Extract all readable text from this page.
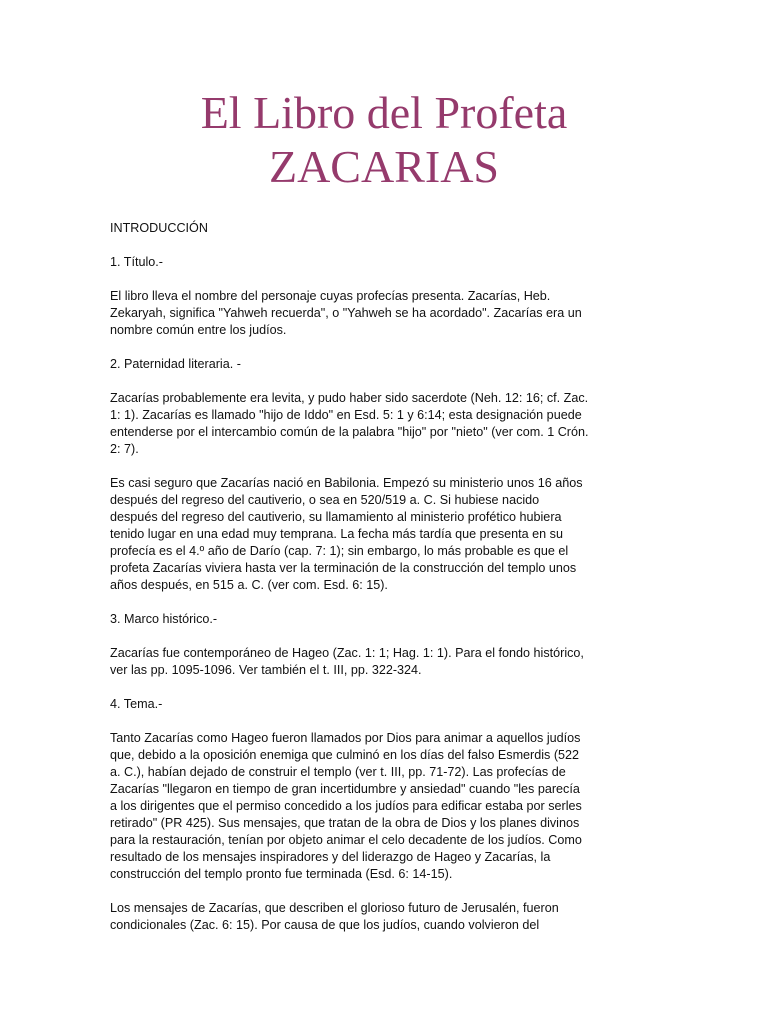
El Libro del Profeta
ZACARIAS

INTRODUCCIÓN

1. Título.-

El libro lleva el nombre del personaje cuyas profecías presenta. Zacarías, Heb. Zekaryah, significa "Yahweh recuerda", o "Yahweh se ha acordado". Zacarías era un nombre común entre los judíos.

2. Paternidad literaria. -

Zacarías probablemente era levita, y pudo haber sido sacerdote (Neh. 12: 16; cf. Zac. 1: 1). Zacarías es llamado "hijo de Iddo" en Esd. 5: 1 y 6:14; esta designación puede entenderse por el intercambio común de la palabra "hijo" por "nieto" (ver com. 1 Crón. 2: 7).

Es casi seguro que Zacarías nació en Babilonia. Empezó su ministerio unos 16 años después del regreso del cautiverio, o sea en 520/519 a. C. Si hubiese nacido después del regreso del cautiverio, su llamamiento al ministerio profético hubiera tenido lugar en una edad muy temprana. La fecha más tardía que presenta en su profecía es el 4.º año de Darío (cap. 7: 1); sin embargo, lo más probable es que el profeta Zacarías viviera hasta ver la terminación de la construcción del templo unos años después, en 515 a. C. (ver com. Esd. 6: 15).

3. Marco histórico.-

Zacarías fue contemporáneo de Hageo (Zac. 1: 1; Hag. 1: 1). Para el fondo histórico, ver las pp. 1095-1096. Ver también el t. III, pp. 322-324.

4. Tema.-

Tanto Zacarías como Hageo fueron llamados por Dios para animar a aquellos judíos que, debido a la oposición enemiga que culminó en los días del falso Esmerdis (522 a. C.), habían dejado de construir el templo (ver t. III, pp. 71-72). Las profecías de Zacarías "llegaron en tiempo de gran incertidumbre y ansiedad" cuando "les parecía a los dirigentes que el permiso concedido a los judíos para edificar estaba por serles retirado" (PR 425). Sus mensajes, que tratan de la obra de Dios y los planes divinos para la restauración, tenían por objeto animar el celo decadente de los judíos. Como resultado de los mensajes inspiradores y del liderazgo de Hageo y Zacarías, la construcción del templo pronto fue terminada (Esd. 6: 14-15).

Los mensajes de Zacarías, que describen el glorioso futuro de Jerusalén, fueron condicionales (Zac. 6: 15). Por causa de que los judíos, cuando volvieron del
